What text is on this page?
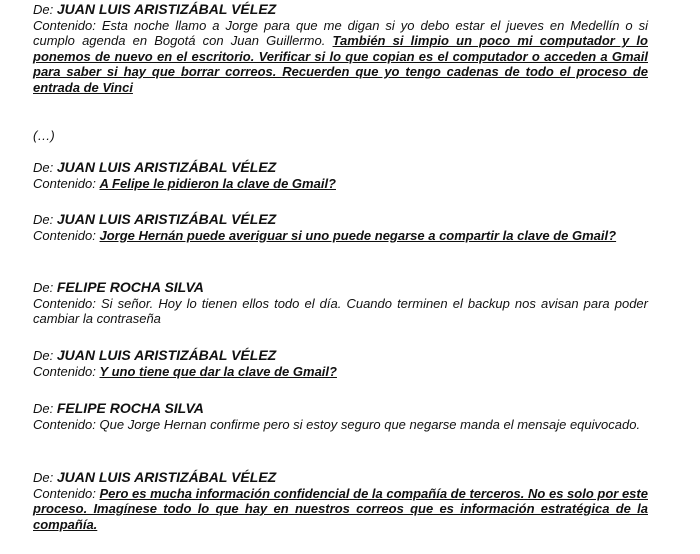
De: JUAN LUIS ARISTIZÁBAL VÉLEZ
Contenido: Esta noche llamo a Jorge para que me digan si yo debo estar el jueves en Medellín o si cumplo agenda en Bogotá con Juan Guillermo. También si limpio un poco mi computador y lo ponemos de nuevo en el escritorio. Verificar si lo que copian es el computador o acceden a Gmail para saber si hay que borrar correos. Recuerden que yo tengo cadenas de todo el proceso de entrada de Vinci
(…)
De: JUAN LUIS ARISTIZÁBAL VÉLEZ
Contenido: A Felipe le pidieron la clave de Gmail?
De: JUAN LUIS ARISTIZÁBAL VÉLEZ
Contenido: Jorge Hernán puede averiguar si uno puede negarse a compartir la clave de Gmail?
De: FELIPE ROCHA SILVA
Contenido: Si señor. Hoy lo tienen ellos todo el día. Cuando terminen el backup nos avisan para poder cambiar la contraseña
De: JUAN LUIS ARISTIZÁBAL VÉLEZ
Contenido: Y uno tiene que dar la clave de Gmail?
De: FELIPE ROCHA SILVA
Contenido: Que Jorge Hernan confirme pero si estoy seguro que negarse manda el mensaje equivocado.
De: JUAN LUIS ARISTIZÁBAL VÉLEZ
Contenido: Pero es mucha información confidencial de la compañía de terceros. No es solo por este proceso. Imagínese todo lo que hay en nuestros correos que es información estratégica de la compañía.
